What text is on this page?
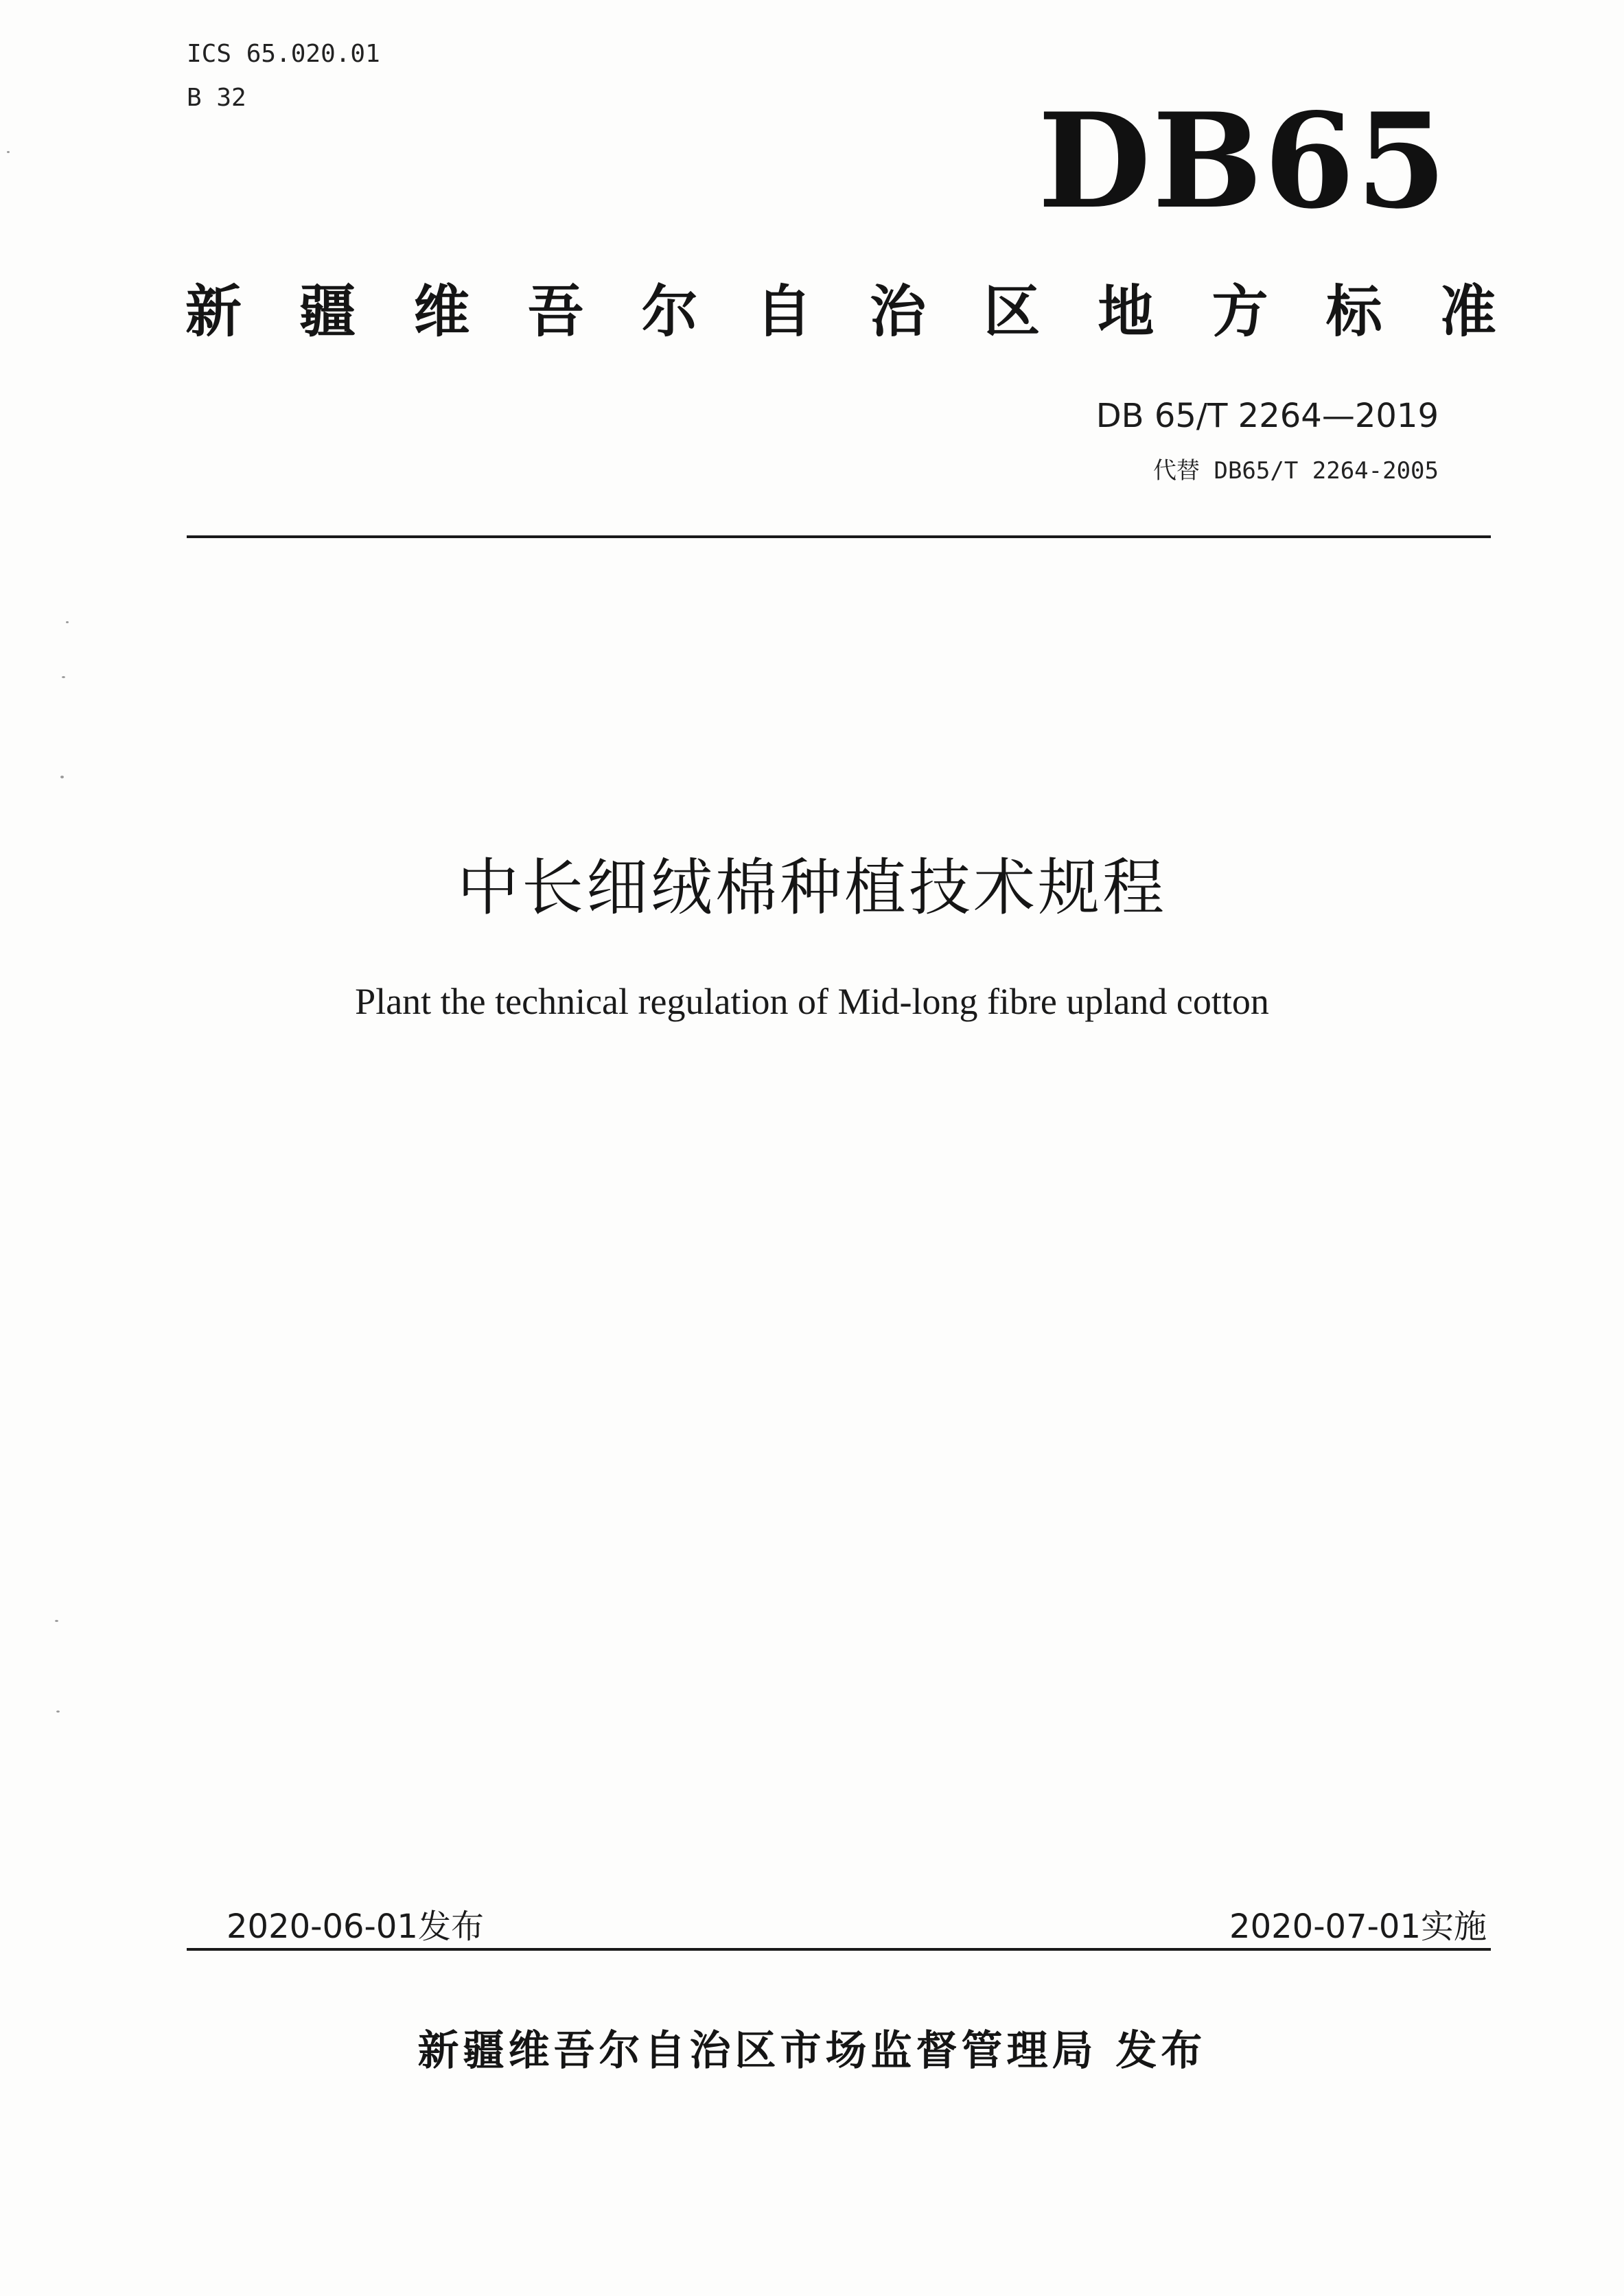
ICS 65.020.01
B 32	DB65
新 疆 维 吾 尔 自 治 区 地 方 标 准
DB 65/T 2264—2019
代替 DB65/T 2264-2005
中长细绒棉种植技术规程
Plant the technical regulation of Mid-long fibre upland cotton
2020-06-01发布	2020-07-01实施
新疆维吾尔自治区市场监督管理局 发布
